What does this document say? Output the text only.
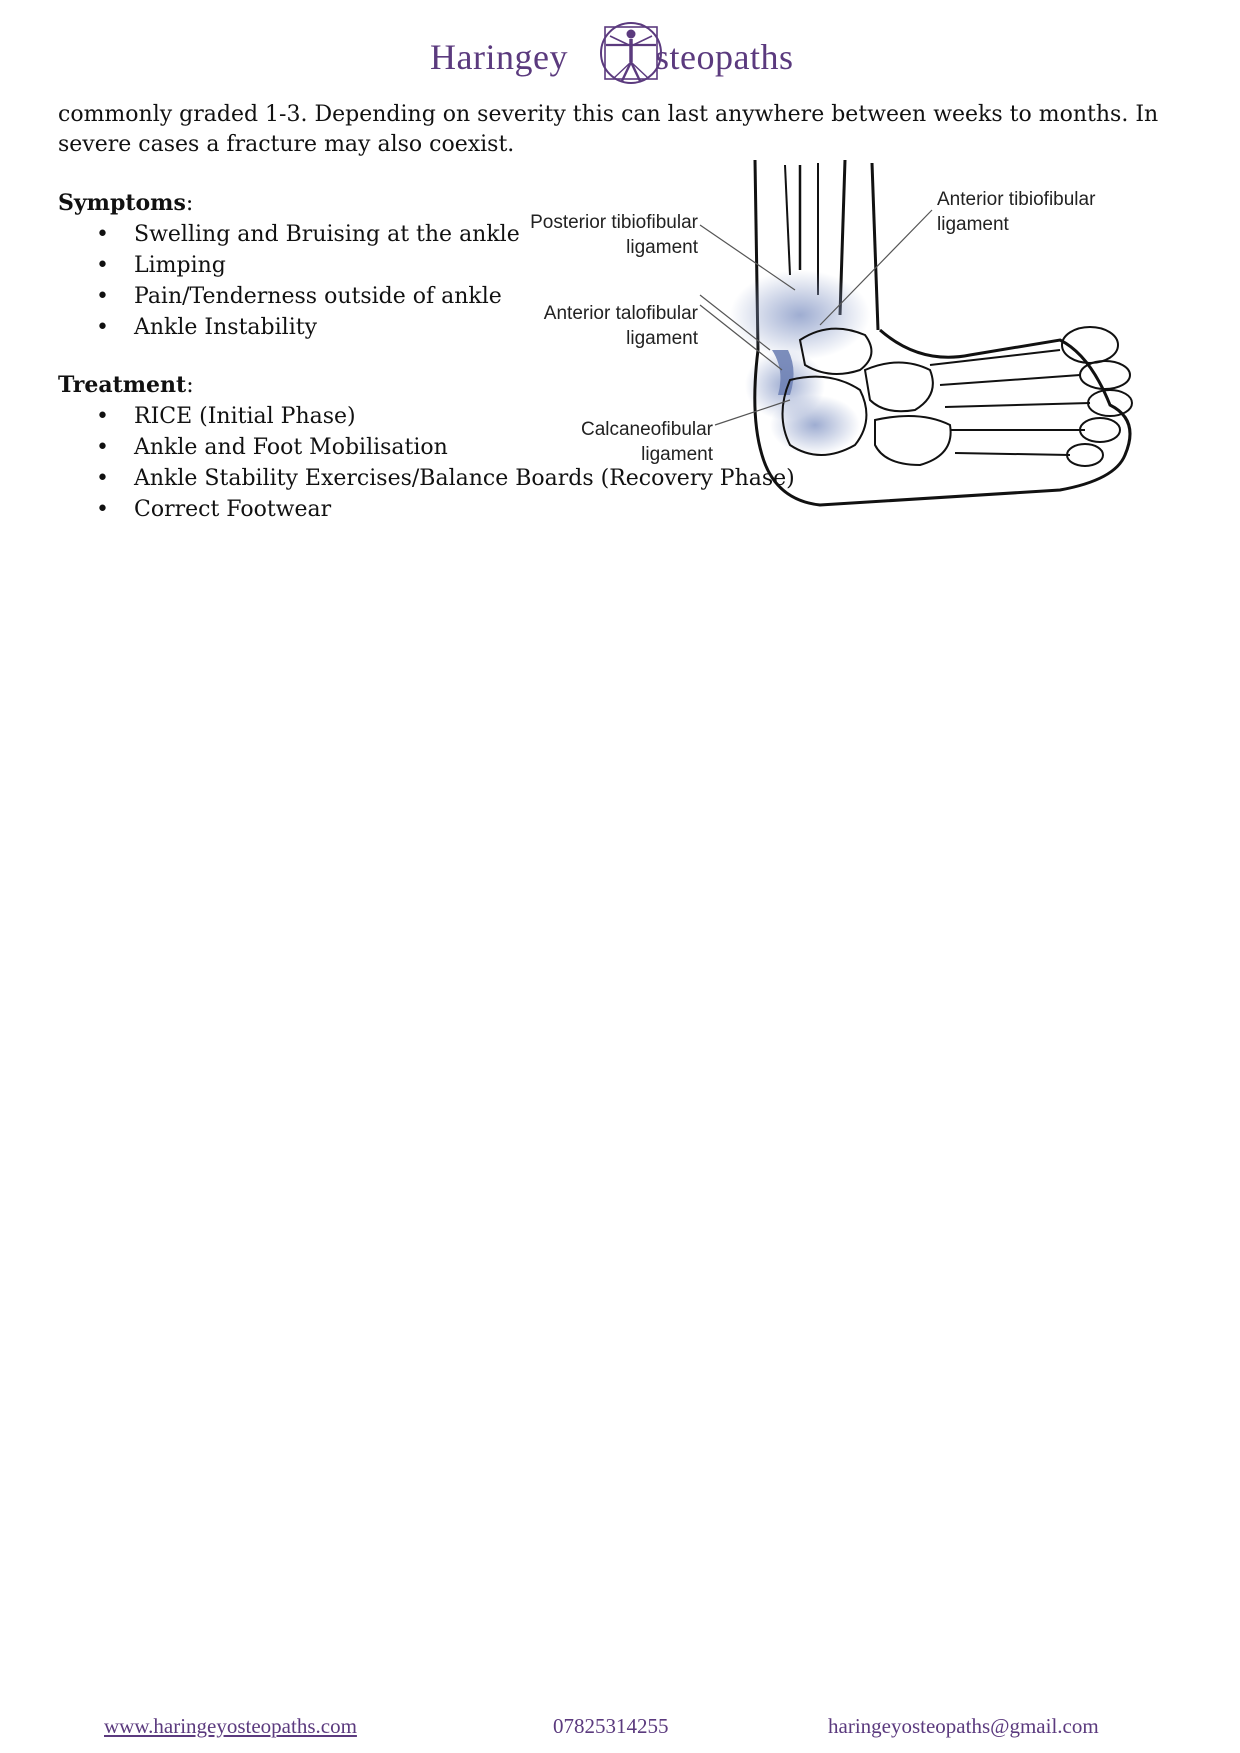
Haringey steopaths

commonly graded 1-3. Depending on severity this can last anywhere between weeks to months. In severe cases a fracture may also coexist.

Symptoms:

• Swelling and Bruising at the ankle
• Limping
• Pain/Tenderness outside of ankle
• Ankle Instability

Treatment:

• RICE (Initial Phase)
• Ankle and Foot Mobilisation
• Ankle Stability Exercises/Balance Boards (Recovery Phase)
• Correct Footwear
Posterior tibiofibular
ligament
Anterior tibiofibular
ligament
Anterior talofibular
ligament
Calcaneofibular
ligament
www.haringeyosteopaths.com	07825314255	haringeyosteopaths@gmail.com
